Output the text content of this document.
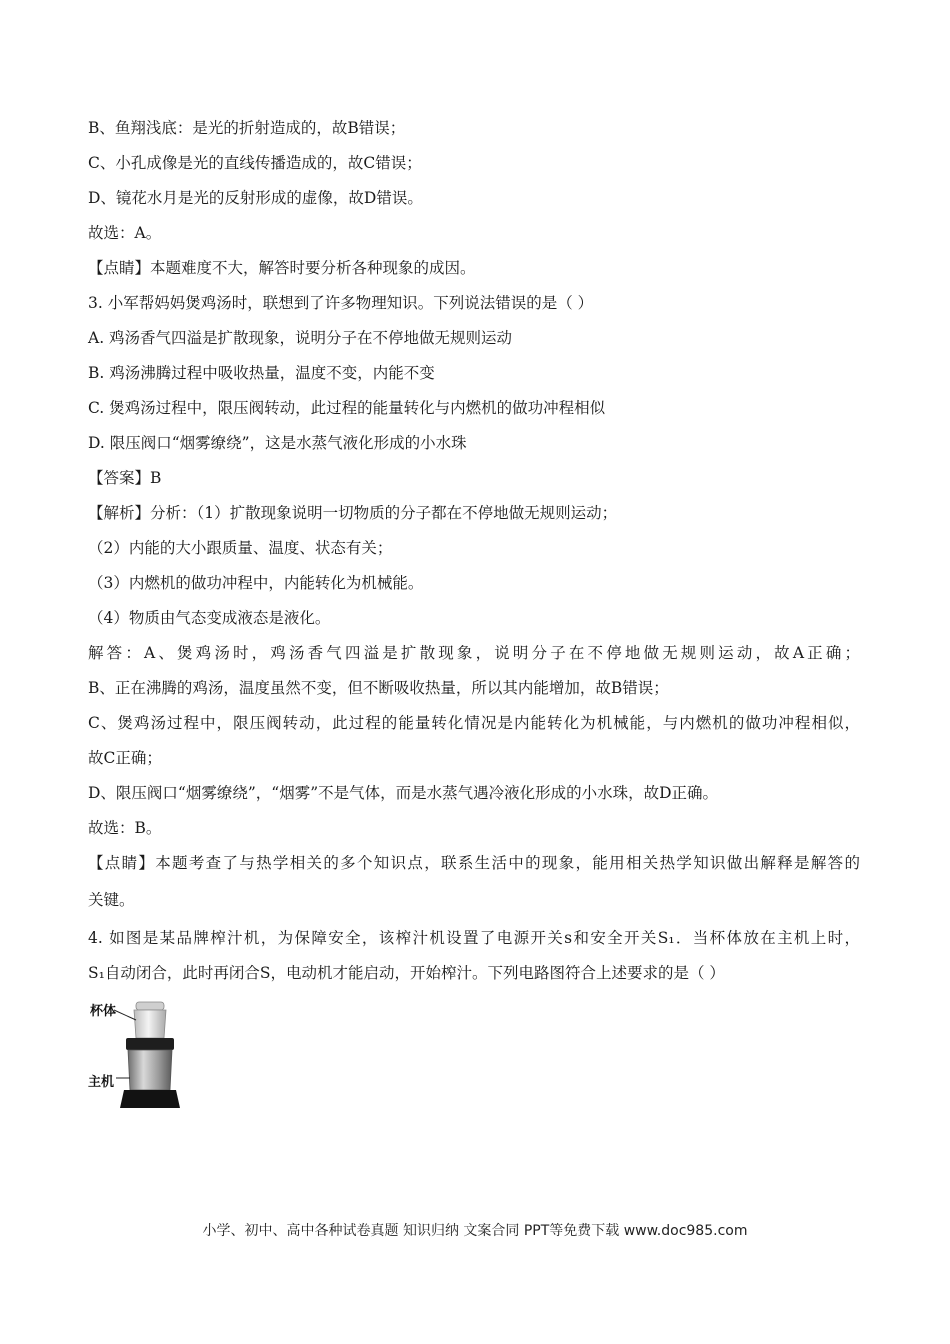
B、鱼翔浅底：是光的折射造成的，故B错误；
C、小孔成像是光的直线传播造成的，故C错误；
D、镜花水月是光的反射形成的虚像，故D错误。
故选：A。
【点睛】本题难度不大，解答时要分析各种现象的成因。
3. 小军帮妈妈煲鸡汤时，联想到了许多物理知识。下列说法错误的是（ ）
A. 鸡汤香气四溢是扩散现象，说明分子在不停地做无规则运动
B. 鸡汤沸腾过程中吸收热量，温度不变，内能不变
C. 煲鸡汤过程中，限压阀转动，此过程的能量转化与内燃机的做功冲程相似
D. 限压阀口“烟雾缭绕”，这是水蒸气液化形成的小水珠
【答案】B
【解析】分析：（1）扩散现象说明一切物质的分子都在不停地做无规则运动；
（2）内能的大小跟质量、温度、状态有关；
（3）内燃机的做功冲程中，内能转化为机械能。
（4）物质由气态变成液态是液化。
解答：A、煲鸡汤时，鸡汤香气四溢是扩散现象，说明分子在不停地做无规则运动，故A正确；
B、正在沸腾的鸡汤，温度虽然不变，但不断吸收热量，所以其内能增加，故B错误；
C、煲鸡汤过程中，限压阀转动，此过程的能量转化情况是内能转化为机械能，与内燃机的做功冲程相似，
故C正确；
D、限压阀口“烟雾缭绕”，“烟雾”不是气体，而是水蒸气遇冷液化形成的小水珠，故D正确。
故选：B。
【点睛】本题考查了与热学相关的多个知识点，联系生活中的现象，能用相关热学知识做出解释是解答的
关键。
4. 如图是某品牌榨汁机，为保障安全，该榨汁机设置了电源开关s和安全开关S₁．当杯体放在主机上时，
S₁自动闭合，此时再闭合S，电动机才能启动，开始榨汁。下列电路图符合上述要求的是（ ）
杯体
主机
小学、初中、高中各种试卷真题 知识归纳 文案合同 PPT等免费下载 www.doc985.com
